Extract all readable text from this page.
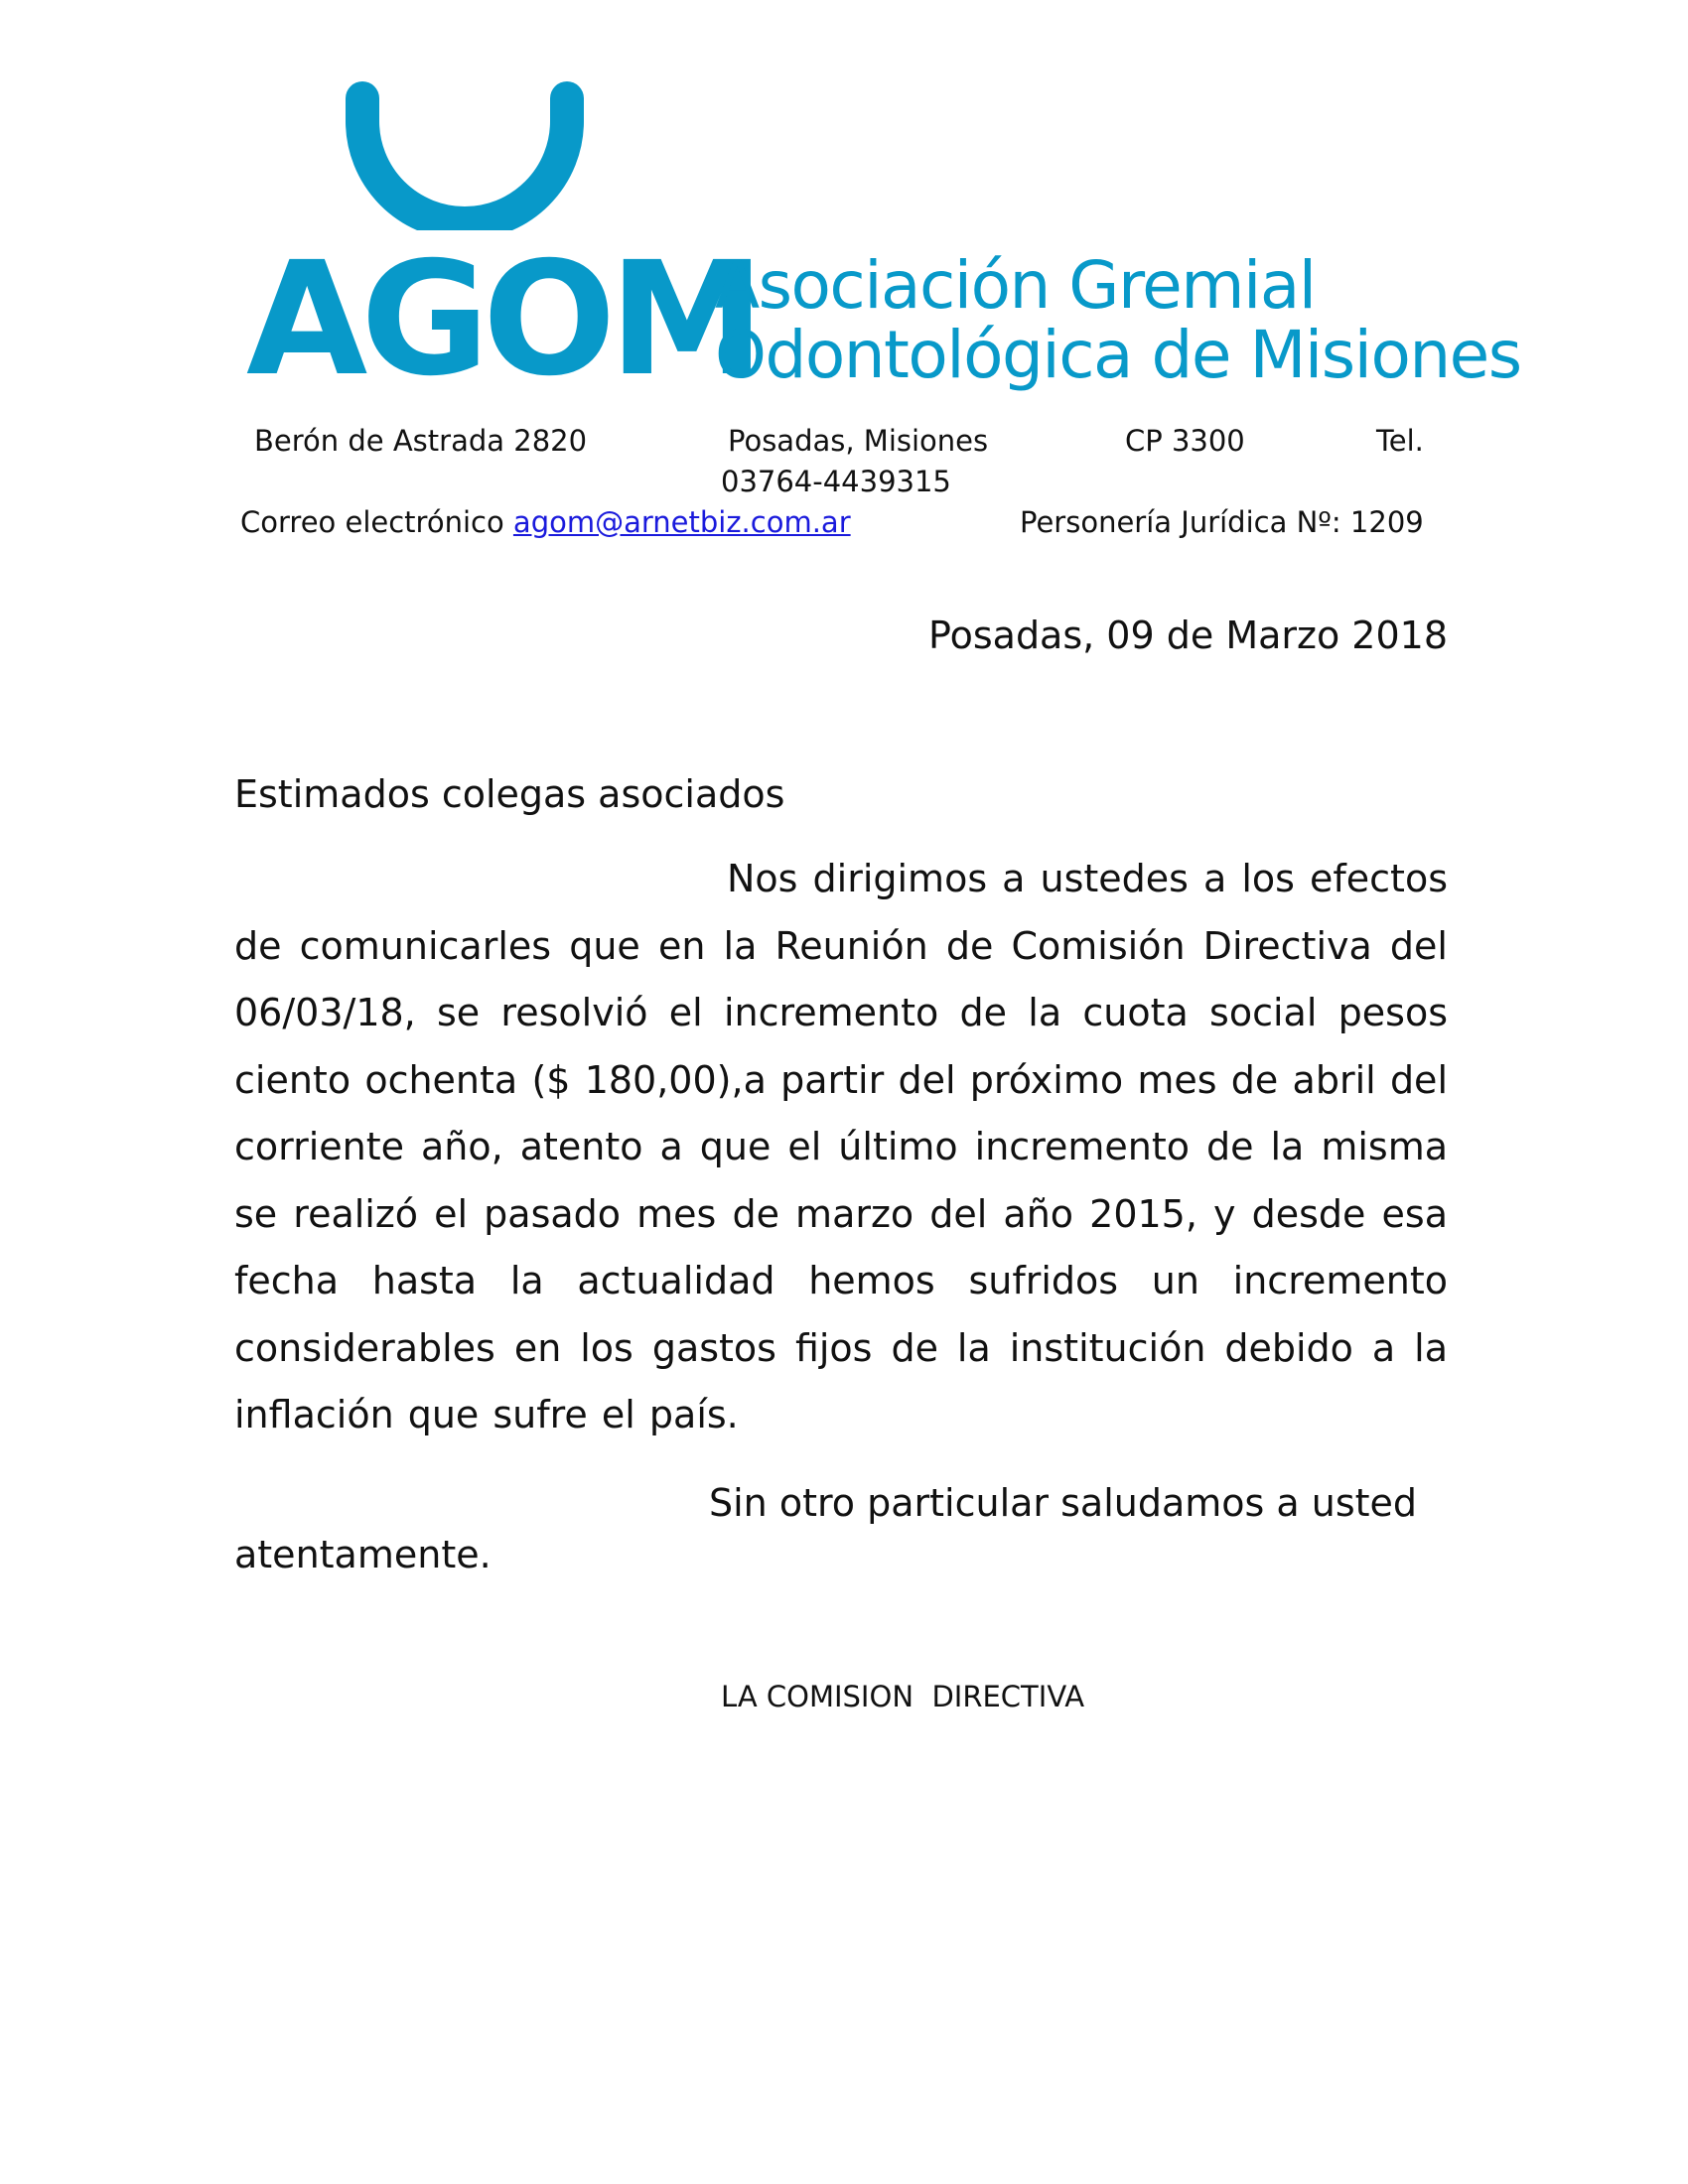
AGOM
Asociación Gremial
Odontológica de Misiones
Berón de Astrada 2820	Posadas, Misiones	CP 3300	Tel.
03764-4439315
Correo electrónico agom@arnetbiz.com.ar	Personería Jurídica Nº: 1209
Posadas, 09 de Marzo 2018
Estimados colegas asociados
Nos dirigimos a ustedes a los efectos de comunicarles que en la Reunión de Comisión Directiva del 06/03/18, se resolvió el incremento de la cuota social pesos ciento ochenta ($ 180,00),a partir del próximo mes de abril del corriente año, atento a que el último incremento de la misma se realizó el pasado mes de marzo del año 2015, y desde esa fecha hasta la actualidad hemos sufridos un incremento considerables en los gastos fijos de la institución debido a la inflación que sufre el país.
Sin otro particular saludamos a usted atentamente.
LA COMISION  DIRECTIVA
